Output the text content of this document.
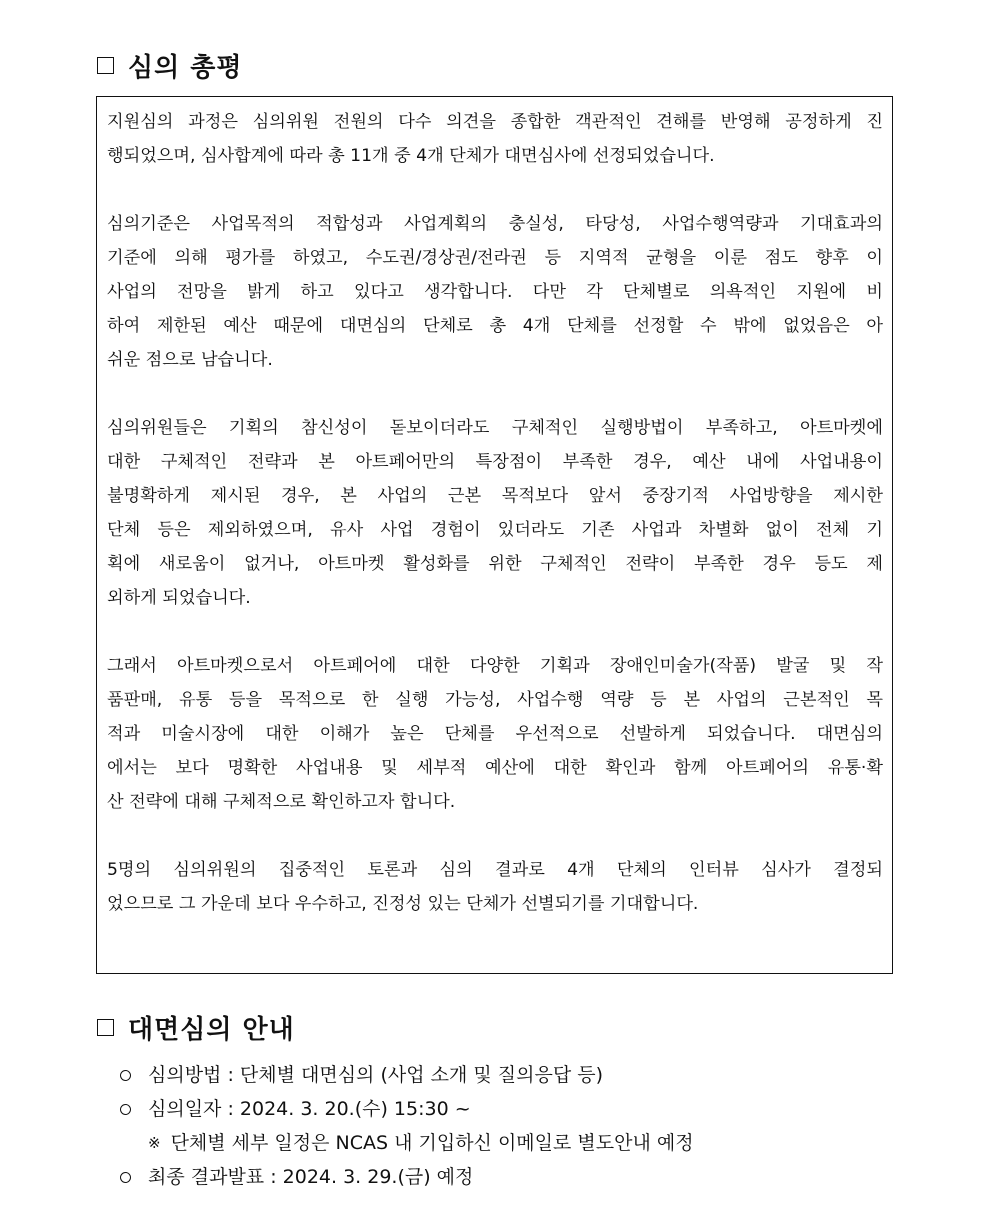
심의 총평

지원심의 과정은 심의위원 전원의 다수 의견을 종합한 객관적인 견해를 반영해 공정하게 진
행되었으며, 심사합계에 따라 총 11개 중 4개 단체가 대면심사에 선정되었습니다.

심의기준은 사업목적의 적합성과 사업계획의 충실성, 타당성, 사업수행역량과 기대효과의
기준에 의해 평가를 하였고, 수도권/경상권/전라권 등 지역적 균형을 이룬 점도 향후 이
사업의 전망을 밝게 하고 있다고 생각합니다. 다만 각 단체별로 의욕적인 지원에 비
하여 제한된 예산 때문에 대면심의 단체로 총 4개 단체를 선정할 수 밖에 없었음은 아
쉬운 점으로 남습니다.

심의위원들은 기획의 참신성이 돋보이더라도 구체적인 실행방법이 부족하고, 아트마켓에
대한 구체적인 전략과 본 아트페어만의 특장점이 부족한 경우, 예산 내에 사업내용이
불명확하게 제시된 경우, 본 사업의 근본 목적보다 앞서 중장기적 사업방향을 제시한
단체 등은 제외하였으며, 유사 사업 경험이 있더라도 기존 사업과 차별화 없이 전체 기
획에 새로움이 없거나, 아트마켓 활성화를 위한 구체적인 전략이 부족한 경우 등도 제
외하게 되었습니다.

그래서 아트마켓으로서 아트페어에 대한 다양한 기획과 장애인미술가(작품) 발굴 및 작
품판매, 유통 등을 목적으로 한 실행 가능성, 사업수행 역량 등 본 사업의 근본적인 목
적과 미술시장에 대한 이해가 높은 단체를 우선적으로 선발하게 되었습니다. 대면심의
에서는 보다 명확한 사업내용 및 세부적 예산에 대한 확인과 함께 아트페어의 유통·확
산 전략에 대해 구체적으로 확인하고자 합니다.

5명의 심의위원의 집중적인 토론과 심의 결과로 4개 단체의 인터뷰 심사가 결정되
었으므로 그 가운데 보다 우수하고, 진정성 있는 단체가 선별되기를 기대합니다.

대면심의 안내
심의방법 : 단체별 대면심의 (사업 소개 및 질의응답 등)
심의일자 : 2024. 3. 20.(수) 15:30 ~
※ 단체별 세부 일정은 NCAS 내 기입하신 이메일로 별도안내 예정
최종 결과발표 : 2024. 3. 29.(금) 예정
